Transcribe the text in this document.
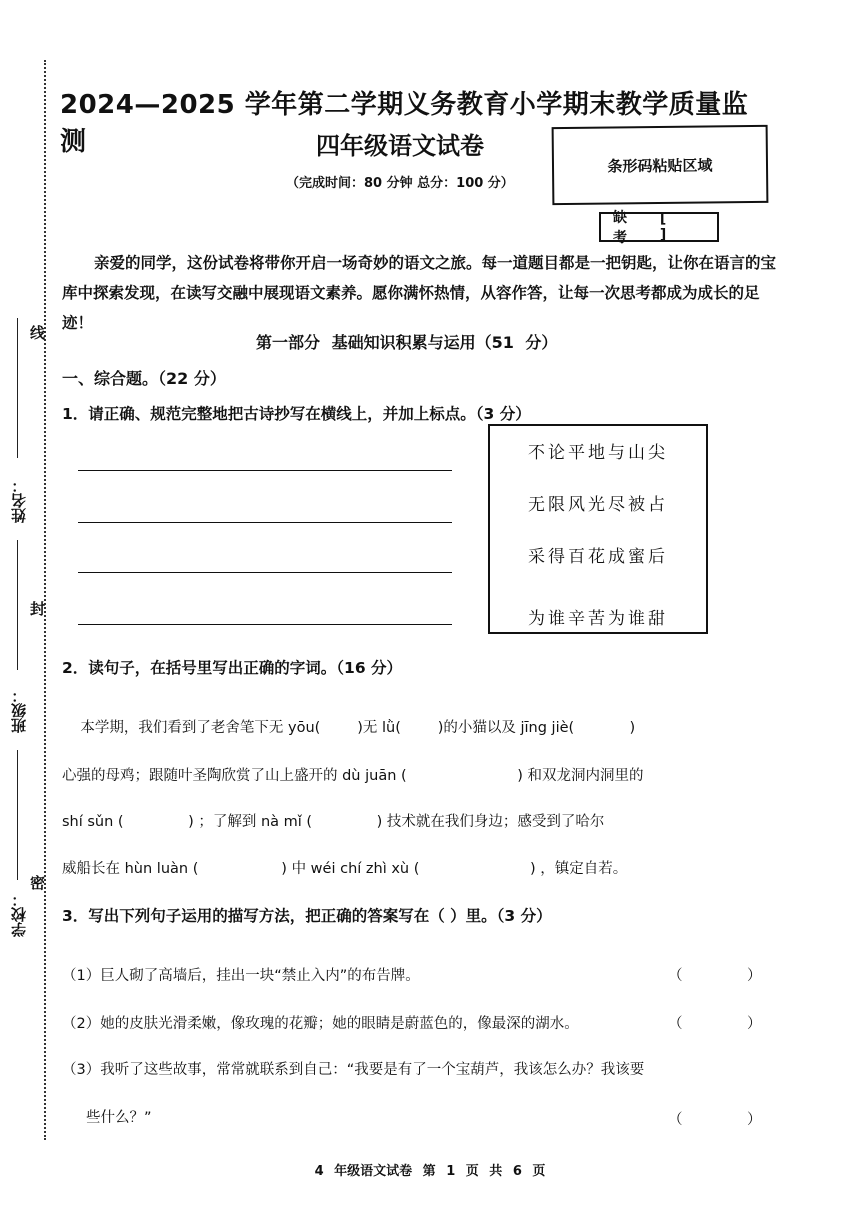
线
姓名：
封
班级：
密
学校：
2024—2025 学年第二学期义务教育小学期末教学质量监测	四年级语文试卷
（完成时间：80 分钟 总分：100 分）
条形码粘贴区域
缺考
[ ]
亲爱的同学，这份试卷将带你开启一场奇妙的语文之旅。每一道题目都是一把钥匙，让你在语言的宝库中探索发现，在读写交融中展现语文素养。愿你满怀热情，从容作答，让每一次思考都成为成长的足迹！
第一部分 基础知识积累与运用（51 分）
一、综合题。（22 分）
1．请正确、规范完整地把古诗抄写在横线上，并加上标点。（3 分）
不论平地与山尖
无限风光尽被占
采得百花成蜜后
为谁辛苦为谁甜
2．读句子，在括号里写出正确的字词。（16 分）
本学期，我们看到了老舍笔下无 yōu(        )无 lǜ(        )的小猫以及 jīng jiè(            )
心强的母鸡；跟随叶圣陶欣赏了山上盛开的 dù juān (                        ) 和双龙洞内洞里的
shí sǔn (              ) ；了解到 nà mǐ (              ) 技术就在我们身边；感受到了哈尔
威船长在 hùn luàn (                  ) 中 wéi chí zhì xù (                        ) ，镇定自若。
3．写出下列句子运用的描写方法，把正确的答案写在（ ）里。（3 分）
（1）巨人砌了高墙后，挂出一块“禁止入内”的布告牌。	（              ）
（2）她的皮肤光滑柔嫩，像玫瑰的花瓣；她的眼睛是蔚蓝色的，像最深的湖水。	（              ）
（3）我听了这些故事，常常就联系到自己：“我要是有了一个宝葫芦，我该怎么办？我该要
些什么？”	（              ）
4 年级语文试卷 第 1 页 共 6 页
